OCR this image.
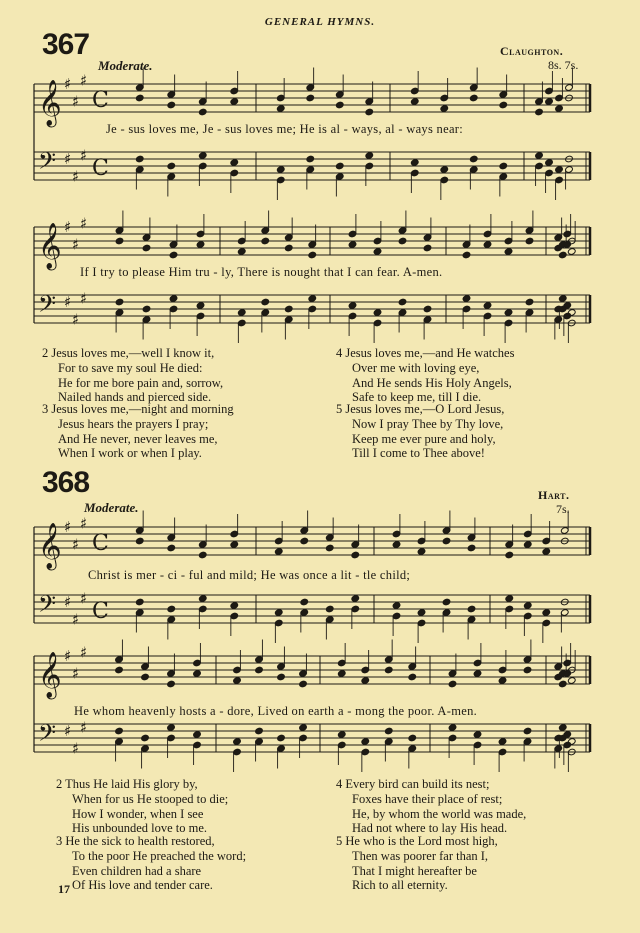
GENERAL HYMNS.
367	Claughton.
8s. 7s.
Moderate.
𝄞 ♯
♯
♯
C
𝄢 ♯
♯
♯
C
Je - sus loves me, Je - sus loves me; He is al - ways, al - ways near:
𝄞 ♯
♯
♯
𝄢 ♯
♯
♯
If I try to please Him tru - ly, There is nought that I can fear. A-men.
2 Jesus loves me,—well I know it,
For to save my soul He died:
He for me bore pain and, sorrow,
Nailed hands and pierced side.
3 Jesus loves me,—night and morning
Jesus hears the prayers I pray;
And He never, never leaves me,
When I work or when I play.
4 Jesus loves me,—and He watches
Over me with loving eye,
And He sends His Holy Angels,
Safe to keep me, till I die.
5 Jesus loves me,—O Lord Jesus,
Now I pray Thee by Thy love,
Keep me ever pure and holy,
Till I come to Thee above!
368	Hart.
7s.
Moderate.
𝄞 ♯
♯
♯
C
𝄢 ♯
♯
♯
C
Christ is mer - ci - ful and mild; He was once a lit - tle child;
𝄞 ♯
♯
♯
𝄢 ♯
♯
♯
He whom heavenly hosts a - dore, Lived on earth a - mong the poor. A-men.
2 Thus He laid His glory by,
When for us He stooped to die;
How I wonder, when I see
His unbounded love to me.
3 He the sick to health restored,
To the poor He preached the word;
Even children had a share
Of His love and tender care.
4 Every bird can build its nest;
Foxes have their place of rest;
He, by whom the world was made,
Had not where to lay His head.
5 He who is the Lord most high,
Then was poorer far than I,
That I might hereafter be
Rich to all eternity.
17
